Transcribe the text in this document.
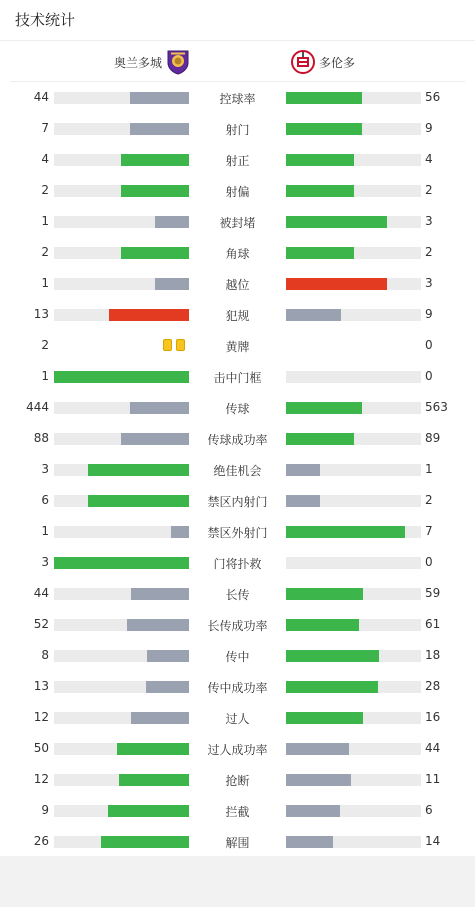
技术统计
奥兰多城	多伦多
44	控球率	56
7	射门	9
4	射正	4
2	射偏	2
1	被封堵	3
2	角球	2
1	越位	3
13	犯规	9
2	黄牌	0
1	击中门框	0
444	传球	563
88	传球成功率	89
3	绝佳机会	1
6	禁区内射门	2
1	禁区外射门	7
3	门将扑救	0
44	长传	59
52	长传成功率	61
8	传中	18
13	传中成功率	28
12	过人	16
50	过人成功率	44
12	抢断	11
9	拦截	6
26	解围	14
